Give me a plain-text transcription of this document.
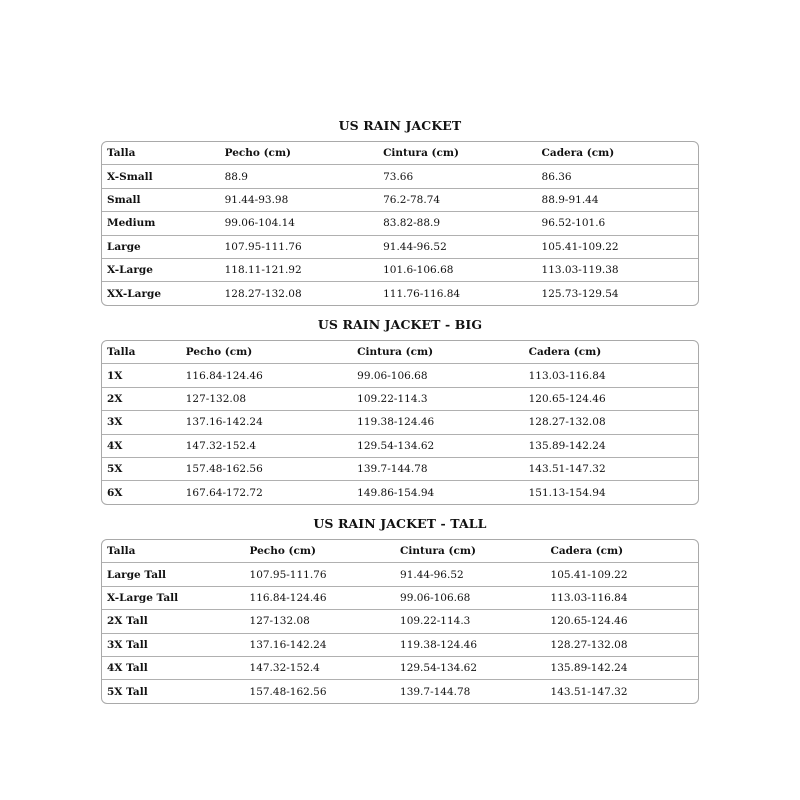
US RAIN JACKET
Talla	Pecho (cm)	Cintura (cm)	Cadera (cm)
X-Small	88.9	73.66	86.36
Small	91.44-93.98	76.2-78.74	88.9-91.44
Medium	99.06-104.14	83.82-88.9	96.52-101.6
Large	107.95-111.76	91.44-96.52	105.41-109.22
X-Large	118.11-121.92	101.6-106.68	113.03-119.38
XX-Large	128.27-132.08	111.76-116.84	125.73-129.54
US RAIN JACKET - BIG
Talla	Pecho (cm)	Cintura (cm)	Cadera (cm)
1X	116.84-124.46	99.06-106.68	113.03-116.84
2X	127-132.08	109.22-114.3	120.65-124.46
3X	137.16-142.24	119.38-124.46	128.27-132.08
4X	147.32-152.4	129.54-134.62	135.89-142.24
5X	157.48-162.56	139.7-144.78	143.51-147.32
6X	167.64-172.72	149.86-154.94	151.13-154.94
US RAIN JACKET - TALL
Talla	Pecho (cm)	Cintura (cm)	Cadera (cm)
Large Tall	107.95-111.76	91.44-96.52	105.41-109.22
X-Large Tall	116.84-124.46	99.06-106.68	113.03-116.84
2X Tall	127-132.08	109.22-114.3	120.65-124.46
3X Tall	137.16-142.24	119.38-124.46	128.27-132.08
4X Tall	147.32-152.4	129.54-134.62	135.89-142.24
5X Tall	157.48-162.56	139.7-144.78	143.51-147.32
